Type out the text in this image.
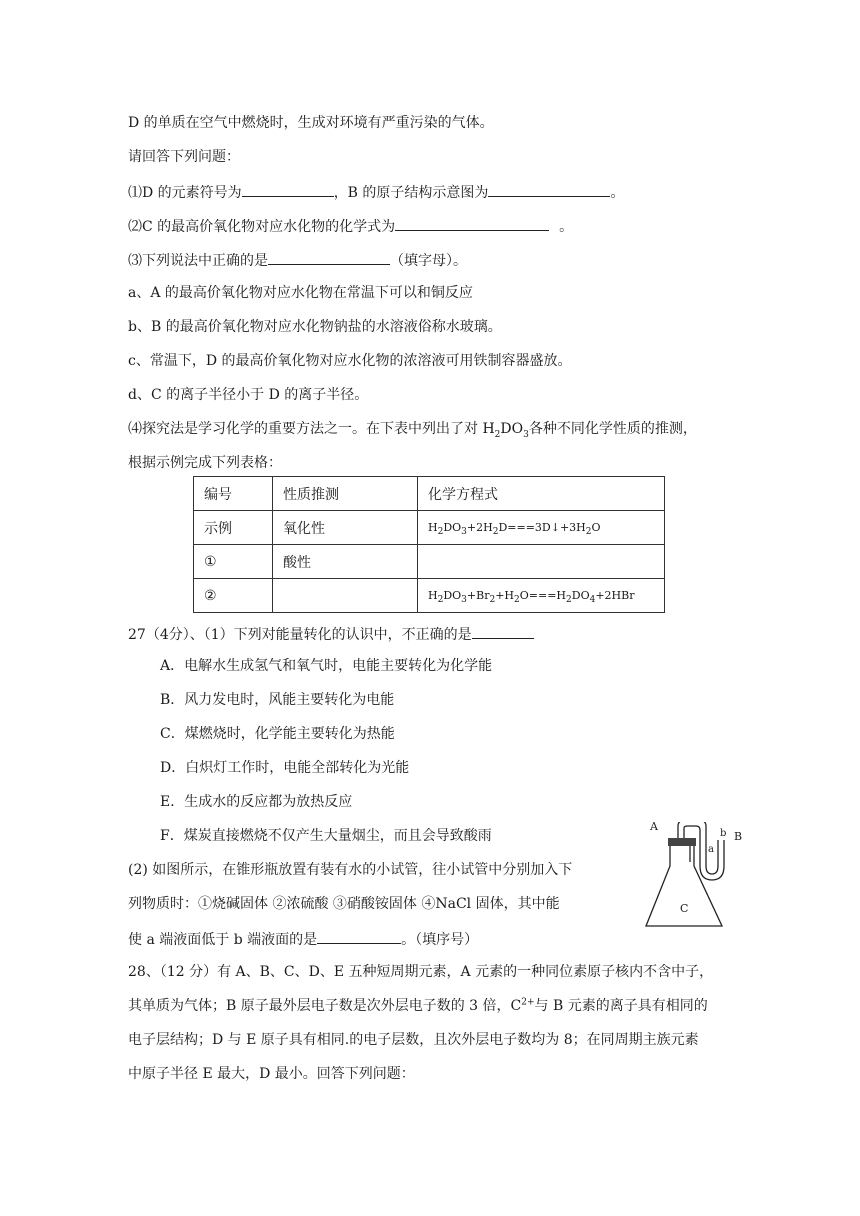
D 的单质在空气中燃烧时，生成对环境有严重污染的气体。
请回答下列问题：
⑴D 的元素符号为	，B 的原子结构示意图为	。
⑵C 的最高价氧化物对应水化物的化学式为	。
⑶下列说法中正确的是	（填字母）。
a、A 的最高价氧化物对应水化物在常温下可以和铜反应
b、B 的最高价氧化物对应水化物钠盐的水溶液俗称水玻璃。
c、常温下，D 的最高价氧化物对应水化物的浓溶液可用铁制容器盛放。
d、C 的离子半径小于 D 的离子半径。
⑷探究法是学习化学的重要方法之一。在下表中列出了对 $H_2DO_3$各种不同化学性质的推测，
根据示例完成下列表格：
编号	性质推测	化学方程式
示例	氧化性	$H_2DO_3+2H_2D===3D↓+3H_2O$
①	酸性	
②		$H_2DO_3+Br_2+H_2O===H_2DO_4+2HBr$
27（4分）、（1）下列对能量转化的认识中，不正确的是
A．电解水生成氢气和氧气时，电能主要转化为化学能
B．风力发电时，风能主要转化为电能
C．煤燃烧时，化学能主要转化为热能
D．白炽灯工作时，电能全部转化为光能
E．生成水的反应都为放热反应
F．煤炭直接燃烧不仅产生大量烟尘，而且会导致酸雨
(2) 如图所示，在锥形瓶放置有装有水的小试管，往小试管中分别加入下
列物质时：①烧碱固体 ②浓硫酸 ③硝酸铵固体 ④NaCl 固体，其中能
使 a 端液面低于 b 端液面的是	。（填序号）
A
a
b B
C
28、（12 分）有 A、B、C、D、E 五种短周期元素，A 元素的一种同位素原子核内不含中子，
其单质为气体；B 原子最外层电子数是次外层电子数的 3 倍，$C^{2+}$与 B 元素的离子具有相同的
电子层结构；D 与 E 原子具有相同.的电子层数，且次外层电子数均为 8；在同周期主族元素
中原子半径 E 最大，D 最小。回答下列问题：
